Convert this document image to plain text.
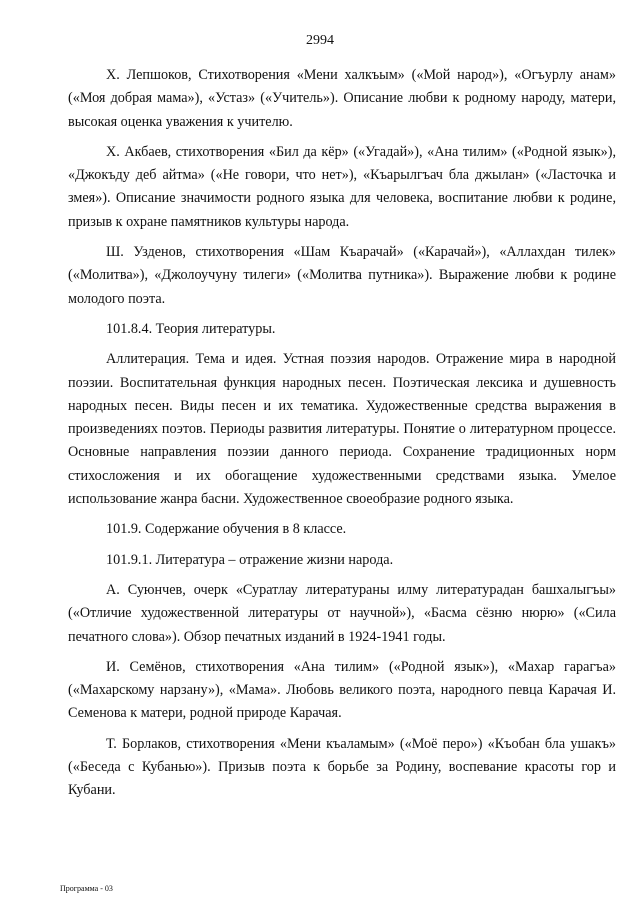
2994

Х. Лепшоков, Стихотворения «Мени халкъым» («Мой народ»), «Огъурлу анам» («Моя добрая мама»), «Устаз» («Учитель»). Описание любви к родному народу, матери, высокая оценка уважения к учителю.

Х. Акбаев, стихотворения «Бил да кёр» («Угадай»), «Ана тилим» («Родной язык»), «Джокъду деб айтма» («Не говори, что нет»), «Къарылгъач бла джылан» («Ласточка и змея»). Описание значимости родного языка для человека, воспитание любви к родине, призыв к охране памятников культуры народа.

Ш. Узденов, стихотворения «Шам Къарачай» («Карачай»), «Аллахдан тилек» («Молитва»), «Джолоучуну тилеги» («Молитва путника»). Выражение любви к родине молодого поэта.

101.8.4. Теория литературы.

Аллитерация. Тема и идея. Устная поэзия народов. Отражение мира в народной поэзии. Воспитательная функция народных песен. Поэтическая лексика и душевность народных песен. Виды песен и их тематика. Художественные средства выражения в произведениях поэтов. Периоды развития литературы. Понятие о литературном процессе. Основные направления поэзии данного периода. Сохранение традиционных норм стихосложения и их обогащение художественными средствами языка. Умелое использование жанра басни. Художественное своеобразие родного языка.

101.9. Содержание обучения в 8 классе.

101.9.1. Литература – отражение жизни народа.

А. Суюнчев, очерк «Суратлау литератураны илму литературадан башхалыгъы» («Отличие художественной литературы от научной»), «Басма сёзню нюрю» («Сила печатного слова»). Обзор печатных изданий в 1924-1941 годы.

И. Семёнов, стихотворения «Ана тилим» («Родной язык»), «Махар гарагъа» («Махарскому нарзану»), «Мама». Любовь великого поэта, народного певца Карачая И. Семенова к матери, родной природе Карачая.

Т. Борлаков, стихотворения «Мени къаламым» («Моё перо») «Къобан бла ушакъ» («Беседа с Кубанью»). Призыв поэта к борьбе за Родину, воспевание красоты гор и Кубани.

Программа - 03
